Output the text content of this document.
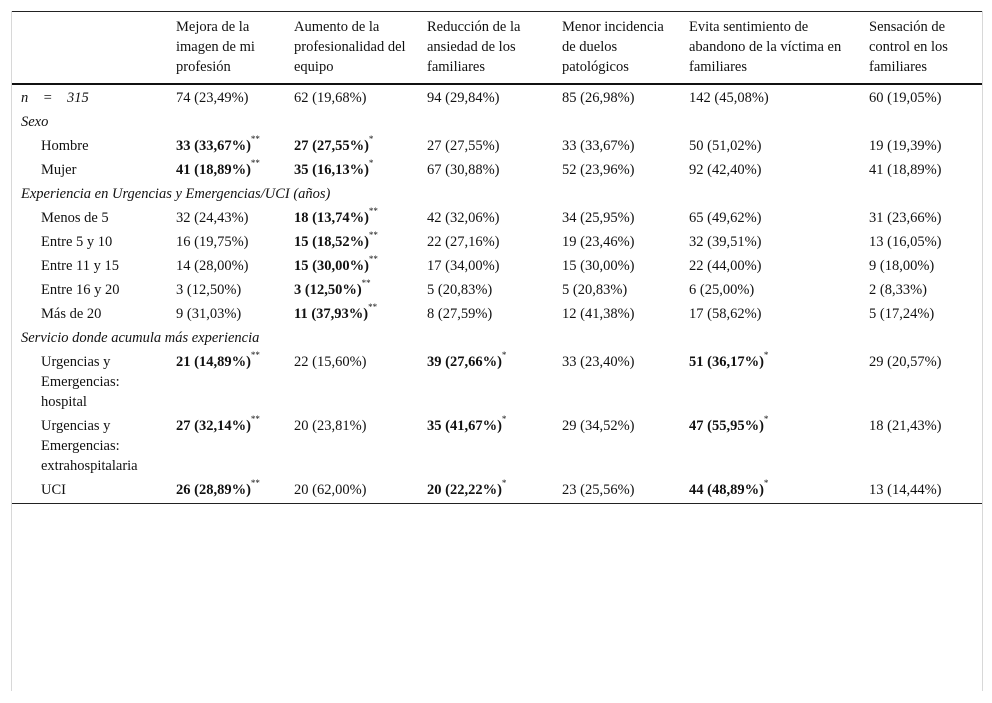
	Mejora de la imagen de mi profesión	Aumento de la profesionalidad del equipo	Reducción de la ansiedad de los familiares	Menor incidencia de duelos patológicos	Evita sentimiento de abandono de la víctima en familiares	Sensación de control en los familiares
n    =    315	74 (23,49%)	62 (19,68%)	94 (29,84%)	85 (26,98%)	142 (45,08%)	60 (19,05%)
Sexo						
Hombre	33 (33,67%)**	27 (27,55%)*	27 (27,55%)	33 (33,67%)	50 (51,02%)	19 (19,39%)
Mujer	41 (18,89%)**	35 (16,13%)*	67 (30,88%)	52 (23,96%)	92 (42,40%)	41 (18,89%)
Experiencia en Urgencias y Emergencias/UCI (años)						
Menos de 5	32 (24,43%)	18 (13,74%)**	42 (32,06%)	34 (25,95%)	65 (49,62%)	31 (23,66%)
Entre 5 y 10	16 (19,75%)	15 (18,52%)**	22 (27,16%)	19 (23,46%)	32 (39,51%)	13 (16,05%)
Entre 11 y 15	14 (28,00%)	15 (30,00%)**	17 (34,00%)	15 (30,00%)	22 (44,00%)	9 (18,00%)
Entre 16 y 20	3 (12,50%)	3 (12,50%)**	5 (20,83%)	5 (20,83%)	6 (25,00%)	2 (8,33%)
Más de 20	9 (31,03%)	11 (37,93%)**	8 (27,59%)	12 (41,38%)	17 (58,62%)	5 (17,24%)
Servicio donde acumula más experiencia						
Urgencias y Emergencias: hospital	21 (14,89%)**	22 (15,60%)	39 (27,66%)*	33 (23,40%)	51 (36,17%)*	29 (20,57%)
Urgencias y Emergencias: extrahospitalaria	27 (32,14%)**	20 (23,81%)	35 (41,67%)*	29 (34,52%)	47 (55,95%)*	18 (21,43%)
UCI	26 (28,89%)**	20 (62,00%)	20 (22,22%)*	23 (25,56%)	44 (48,89%)*	13 (14,44%)
